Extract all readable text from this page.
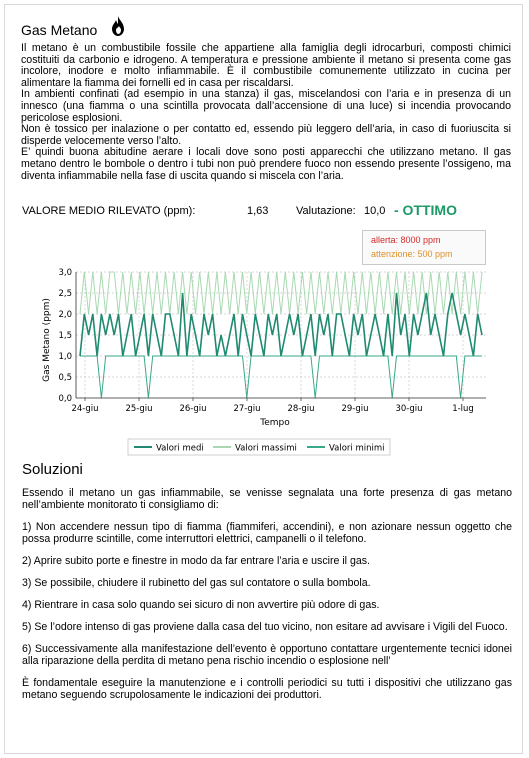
Gas Metano

Il metano è un combustibile fossile che appartiene alla famiglia degli idrocarburi, composti chimici costituiti da carbonio e idrogeno. A temperatura e pressione ambiente il metano si presenta come gas incolore, inodore e molto infiammabile. È il combustibile comunemente utilizzato in cucina per alimentare la fiamma dei fornelli ed in casa per riscaldarsi.

In ambienti confinati (ad esempio in una stanza) il gas, miscelandosi con l’aria e in presenza di un innesco (una fiamma o una scintilla provocata dall’accensione di una luce) si incendia provocando pericolose esplosioni.

Non è tossico per inalazione o per contatto ed, essendo più leggero dell’aria, in caso di fuoriuscita si disperde velocemente verso l’alto.

E’ quindi buona abitudine aerare i locali dove sono posti apparecchi che utilizzano metano. Il gas metano dentro le bombole o dentro i tubi non può prendere fuoco non essendo presente l’ossigeno, ma diventa infiammabile nella fase di uscita quando si miscela con l’aria.

VALORE MEDIO RILEVATO (ppm):	1,63	Valutazione: 10,0 - OTTIMO
allerta: 8000 ppm
attenzione: 500 ppm
0,0
0,5
1,0
1,5
2,0
2,5
3,0
24-giu	25-giu	26-giu	27-giu	28-giu	29-giu	30-giu	1-lug
Gas Metano (ppm)
Tempo
Valori medi	Valori massimi	Valori minimi
Soluzioni

Essendo il metano un gas infiammabile, se venisse segnalata una forte presenza di gas metano nell’ambiente monitorato ti consigliamo di:

1) Non accendere nessun tipo di fiamma (fiammiferi, accendini), e non azionare nessun oggetto che possa produrre scintille, come interruttori elettrici, campanelli o il telefono.

2) Aprire subito porte e finestre in modo da far entrare l’aria e uscire il gas.

3) Se possibile, chiudere il rubinetto del gas sul contatore o sulla bombola.

4) Rientrare in casa solo quando sei sicuro di non avvertire più odore di gas.

5) Se l’odore intenso di gas proviene dalla casa del tuo vicino, non esitare ad avvisare i Vigili del Fuoco.

6) Successivamente alla manifestazione dell’evento è opportuno contattare urgentemente tecnici idonei alla riparazione della perdita di metano pena rischio incendio o esplosione nell’

È fondamentale eseguire la manutenzione e i controlli periodici su tutti i dispositivi che utilizzano gas metano seguendo scrupolosamente le indicazioni dei produttori.
